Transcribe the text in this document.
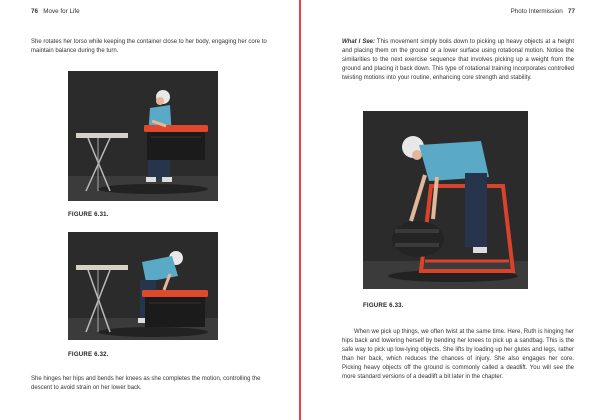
76 Move for Life

She rotates her torso while keeping the container close to her body, engaging her core to maintain balance during the turn.

FIGURE 6.31.

FIGURE 6.32.

She hinges her hips and bends her knees as she completes the motion, controlling the descent to avoid strain on her lower back.

Photo Intermission 77

What I See: This movement simply boils down to picking up heavy objects at a height and placing them on the ground or a lower surface using rotational motion. Notice the similarities to the next exercise sequence that involves picking up a weight from the ground and placing it back down. This type of rotational training incorporates controlled twisting motions into your routine, enhancing core strength and stability.

FIGURE 6.33.

When we pick up things, we often twist at the same time. Here, Ruth is hinging her hips back and lowering herself by bending her knees to pick up a sandbag. This is the safe way to pick up low-lying objects. She lifts by loading up her glutes and legs, rather than her back, which reduces the chances of injury. She also engages her core. Picking heavy objects off the ground is commonly called a deadlift. You will see the more standard versions of a deadlift a bit later in the chapter.
